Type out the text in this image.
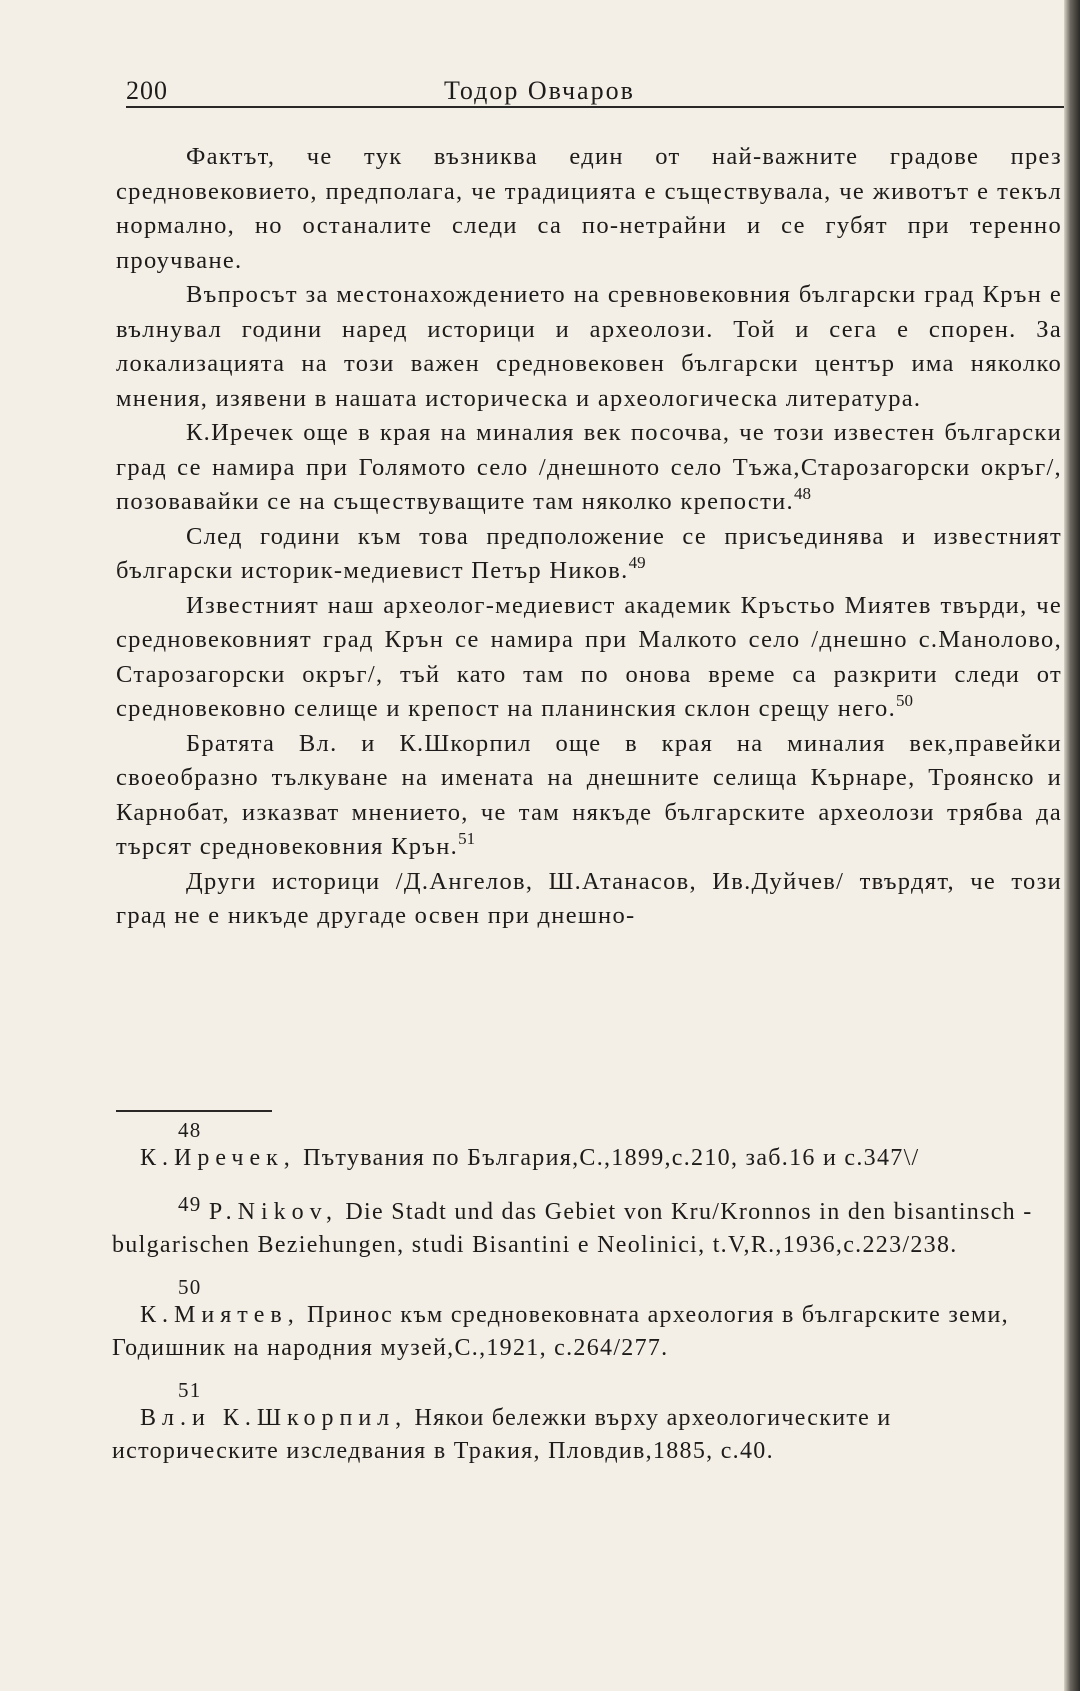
200	Тодор Овчаров

Фактът, че тук възниква един от най-важните градове през средновековието, предполага, че традицията е съществувала, че животът е текъл нормално, но останалите следи са по-нетрайни и се губят при теренно проучване.

Въпросът за местонахождението на сревновековния български град Крън е вълнувал години наред историци и археолози. Той и сега е спорен. За локализацията на този важен средновековен български център има няколко мнения, изявени в нашата историческа и археологическа литература.

К.Иречек още в края на миналия век посочва, че този известен български град се намира при Голямото село /днешното село Тъжа,Старозагорски окръг/, позовавайки се на съществуващите там няколко крепости.$^{48}$

След години към това предположение се присъединява и известният български историк-медиевист Петър Ников.$^{49}$

Известният наш археолог-медиевист академик Кръстьо Миятев твърди, че средновековният град Крън се намира при Малкото село /днешно с.Манолово, Старозагорски окръг/, тъй като там по онова време са разкрити следи от средновековно селище и крепост на планинския склон срещу него.$^{50}$

Братята Вл. и К.Шкорпил още в края на миналия век,правейки своеобразно тълкуване на имената на днешните селища Кърнаре, Троянско и Карнобат, изказват мнението, че там някъде българските археолози трябва да търсят средновековния Крън.$^{51}$

Други историци /Д.Ангелов, Ш.Атанасов, Ив.Дуйчев/ твърдят, че този град не е никъде другаде освен при днешно-

48
К.Иречек, Пътувания по България,С.,1899,с.210, заб.16 и с.347\/
49 P.Nikov, Die Stadt und das Gebiet von Kru/Kronnos in den bisantinsch - bulgarischen Beziehungen, studi Bisantini e Neolinici, t.V,R.,1936,c.223/238.
50
К.Миятев, Принос към средновековната археология в българските земи, Годишник на народния музей,С.,1921, с.264/277.
51
Вл.и К.Шкорпил, Някои бележки върху археологическите и историческите изследвания в Тракия, Пловдив,1885, с.40.
